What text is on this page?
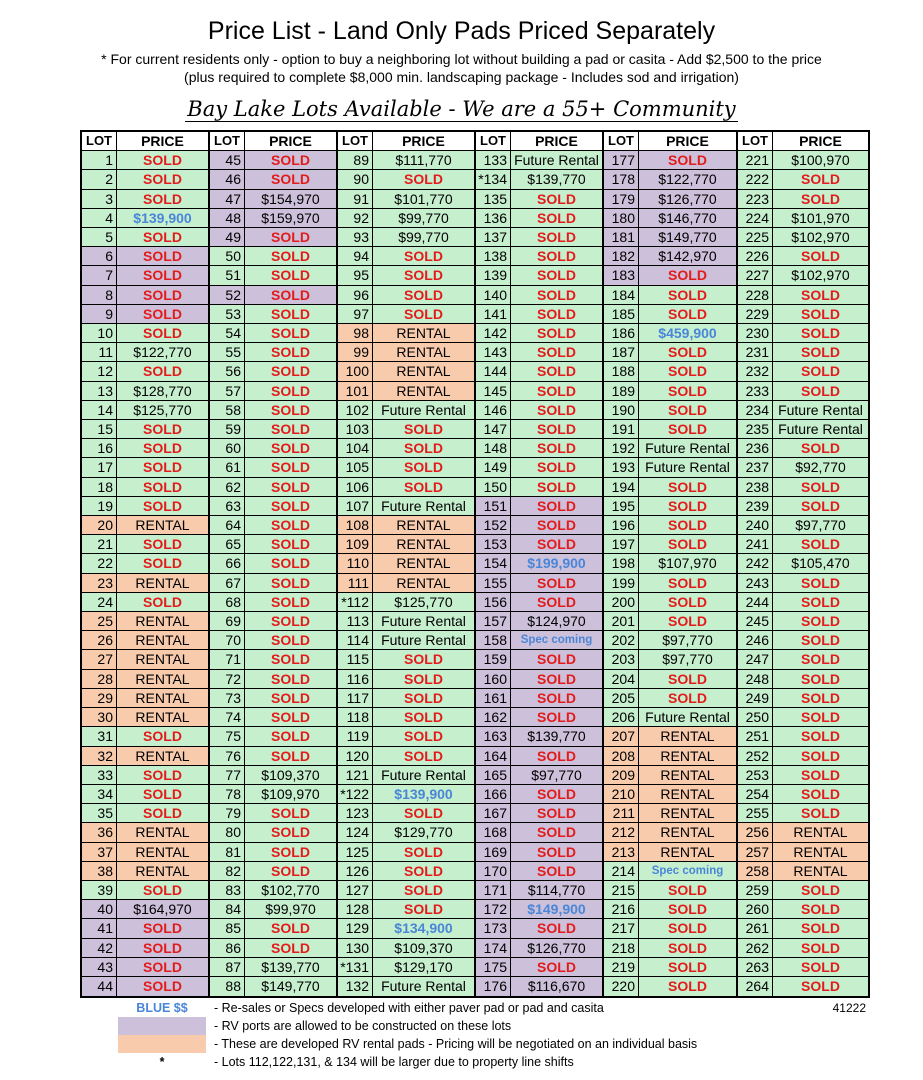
Price List - Land Only Pads Priced Separately
* For current residents only - option to buy a neighboring lot without building a pad or casita - Add $2,500 to the price
(plus required to complete $8,000 min. landscaping package - Includes sod and irrigation)
Bay Lake Lots Available - We are a 55+ Community
LOT	PRICE
1	SOLD
2	SOLD
3	SOLD
4	$139,900
5	SOLD
6	SOLD
7	SOLD
8	SOLD
9	SOLD
10	SOLD
11	$122,770
12	SOLD
13	$128,770
14	$125,770
15	SOLD
16	SOLD
17	SOLD
18	SOLD
19	SOLD
20	RENTAL
21	SOLD
22	SOLD
23	RENTAL
24	SOLD
25	RENTAL
26	RENTAL
27	RENTAL
28	RENTAL
29	RENTAL
30	RENTAL
31	SOLD
32	RENTAL
33	SOLD
34	SOLD
35	SOLD
36	RENTAL
37	RENTAL
38	RENTAL
39	SOLD
40	$164,970
41	SOLD
42	SOLD
43	SOLD
44	SOLD
LOT	PRICE
45	SOLD
46	SOLD
47	$154,970
48	$159,970
49	SOLD
50	SOLD
51	SOLD
52	SOLD
53	SOLD
54	SOLD
55	SOLD
56	SOLD
57	SOLD
58	SOLD
59	SOLD
60	SOLD
61	SOLD
62	SOLD
63	SOLD
64	SOLD
65	SOLD
66	SOLD
67	SOLD
68	SOLD
69	SOLD
70	SOLD
71	SOLD
72	SOLD
73	SOLD
74	SOLD
75	SOLD
76	SOLD
77	$109,370
78	$109,970
79	SOLD
80	SOLD
81	SOLD
82	SOLD
83	$102,770
84	$99,970
85	SOLD
86	SOLD
87	$139,770
88	$149,770
LOT	PRICE
89	$111,770
90	SOLD
91	$101,770
92	$99,770
93	$99,770
94	SOLD
95	SOLD
96	SOLD
97	SOLD
98	RENTAL
99	RENTAL
100	RENTAL
101	RENTAL
102 Future Rental
103	SOLD
104	SOLD
105	SOLD
106	SOLD
107 Future Rental
108	RENTAL
109	RENTAL
110	RENTAL
111	RENTAL
*112	$125,770
113 Future Rental
114 Future Rental
115	SOLD
116	SOLD
117	SOLD
118	SOLD
119	SOLD
120	SOLD
121 Future Rental
*122	$139,900
123	SOLD
124	$129,770
125	SOLD
126	SOLD
127	SOLD
128	SOLD
129	$134,900
130	$109,370
*131	$129,170
132 Future Rental
LOT	PRICE
133 Future Rental
*134	$139,770
135	SOLD
136	SOLD
137	SOLD
138	SOLD
139	SOLD
140	SOLD
141	SOLD
142	SOLD
143	SOLD
144	SOLD
145	SOLD
146	SOLD
147	SOLD
148	SOLD
149	SOLD
150	SOLD
151	SOLD
152	SOLD
153	SOLD
154	$199,900
155	SOLD
156	SOLD
157	$124,970
158	Spec coming
159	SOLD
160	SOLD
161	SOLD
162	SOLD
163	$139,770
164	SOLD
165	$97,770
166	SOLD
167	SOLD
168	SOLD
169	SOLD
170	SOLD
171	$114,770
172	$149,900
173	SOLD
174	$126,770
175	SOLD
176	$116,670
LOT	PRICE
177	SOLD
178	$122,770
179	$126,770
180	$146,770
181	$149,770
182	$142,970
183	SOLD
184	SOLD
185	SOLD
186	$459,900
187	SOLD
188	SOLD
189	SOLD
190	SOLD
191	SOLD
192 Future Rental
193 Future Rental
194	SOLD
195	SOLD
196	SOLD
197	SOLD
198	$107,970
199	SOLD
200	SOLD
201	SOLD
202	$97,770
203	$97,770
204	SOLD
205	SOLD
206 Future Rental
207	RENTAL
208	RENTAL
209	RENTAL
210	RENTAL
211	RENTAL
212	RENTAL
213	RENTAL
214	Spec coming
215	SOLD
216	SOLD
217	SOLD
218	SOLD
219	SOLD
220	SOLD
LOT	PRICE
221	$100,970
222	SOLD
223	SOLD
224	$101,970
225	$102,970
226	SOLD
227	$102,970
228	SOLD
229	SOLD
230	SOLD
231	SOLD
232	SOLD
233	SOLD
234 Future Rental
235 Future Rental
236	SOLD
237	$92,770
238	SOLD
239	SOLD
240	$97,770
241	SOLD
242	$105,470
243	SOLD
244	SOLD
245	SOLD
246	SOLD
247	SOLD
248	SOLD
249	SOLD
250	SOLD
251	SOLD
252	SOLD
253	SOLD
254	SOLD
255	SOLD
256	RENTAL
257	RENTAL
258	RENTAL
259	SOLD
260	SOLD
261	SOLD
262	SOLD
263	SOLD
264	SOLD
BLUE $$	- Re-sales or Specs developed with either paver pad or pad and casita
- RV ports are allowed to be constructed on these lots
- These are developed RV rental pads - Pricing will be negotiated on an individual basis
*	- Lots 112,122,131, & 134 will be larger due to property line shifts
41222
